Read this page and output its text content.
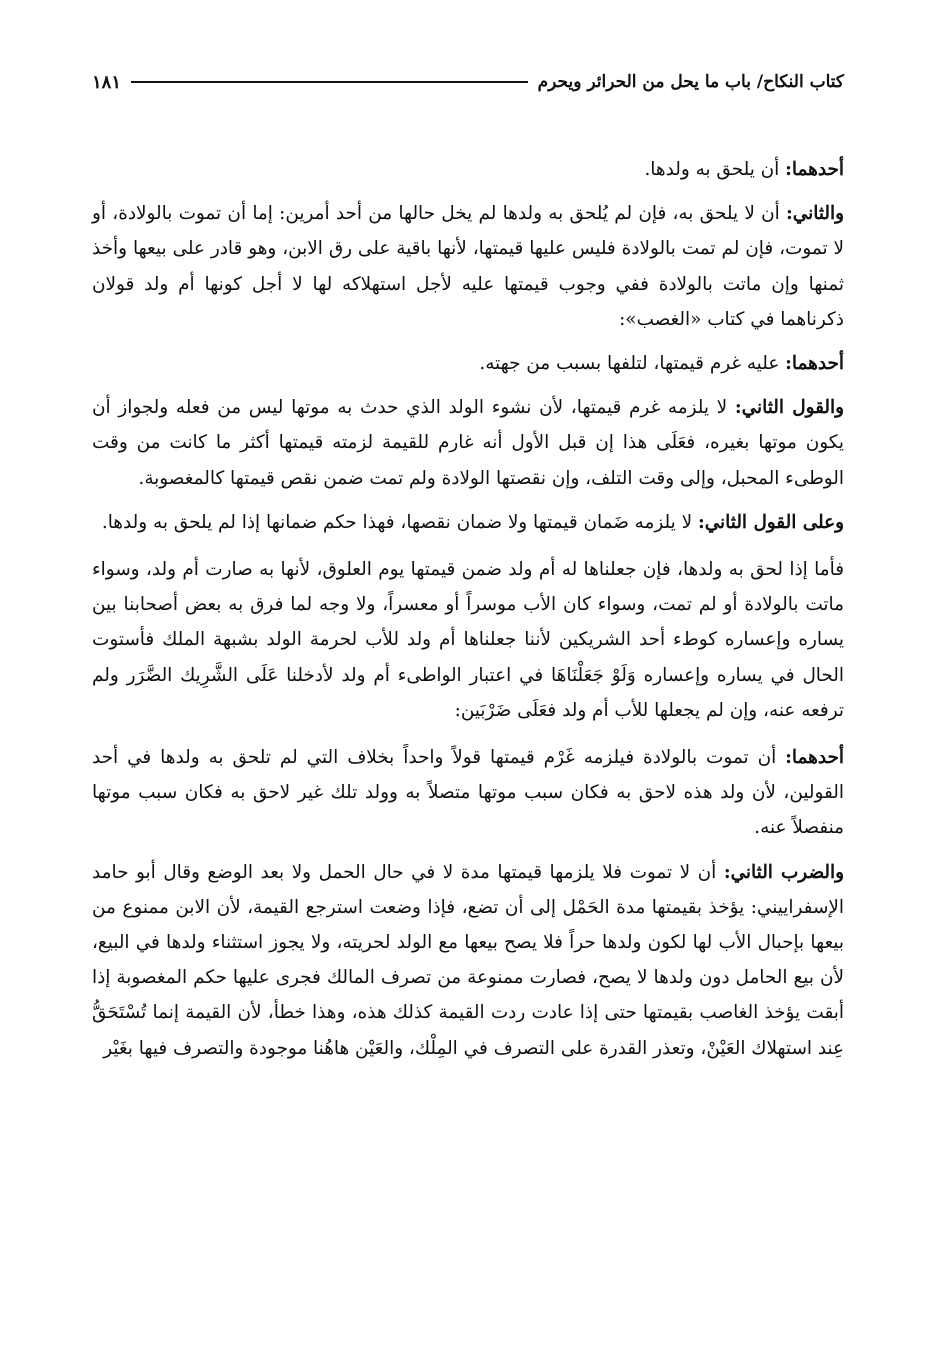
كتاب النكاح/ باب ما يحل من الحرائر ويحرم
١٨١

أحدهما: أن يلحق به ولدها.

والثاني: أن لا يلحق به، فإن لم يُلحق به ولدها لم يخل حالها من أحد أمرين: إما أن تموت بالولادة، أو لا تموت، فإن لم تمت بالولادة فليس عليها قيمتها، لأنها باقية على رق الابن، وهو قادر على بيعها وأخذ ثمنها وإن ماتت بالولادة ففي وجوب قيمتها عليه لأجل استهلاكه لها لا أجل كونها أم ولد قولان ذكرناهما في كتاب «الغصب»:

أحدهما: عليه غرم قيمتها، لتلفها بسبب من جهته.

والقول الثاني: لا يلزمه غرم قيمتها، لأن نشوء الولد الذي حدث به موتها ليس من فعله ولجواز أن يكون موتها بغيره، فعَلَى هذا إن قبل الأول أنه غارم للقيمة لزمته قيمتها أكثر ما كانت من وقت الوطىء المحبل، وإلى وقت التلف، وإن نقصتها الولادة ولم تمت ضمن نقص قيمتها كالمغصوبة.

وعلى القول الثاني: لا يلزمه ضَمان قيمتها ولا ضمان نقصها، فهذا حكم ضمانها إذا لم يلحق به ولدها.

فأما إذا لحق به ولدها، فإن جعلناها له أم ولد ضمن قيمتها يوم العلوق، لأنها به صارت أم ولد، وسواء ماتت بالولادة أو لم تمت، وسواء كان الأب موسراً أو معسراً، ولا وجه لما فرق به بعض أصحابنا بين يساره وإعساره كوطء أحد الشريكين لأننا جعلناها أم ولد للأب لحرمة الولد بشبهة الملك فأستوت الحال في يساره وإعساره وَلَوْ جَعَلْنَاهَا في اعتبار الواطىء أم ولد لأدخلنا عَلَى الشَّرِيك الضَّرَر ولم ترفعه عنه، وإن لم يجعلها للأب أم ولد فعَلَى ضَرْبَين:

أحدهما: أن تموت بالولادة فيلزمه غَرْم قيمتها قولاً واحداً بخلاف التي لم تلحق به ولدها في أحد القولين، لأن ولد هذه لاحق به فكان سبب موتها متصلاً به وولد تلك غير لاحق به فكان سبب موتها منفصلاً عنه.

والضرب الثاني: أن لا تموت فلا يلزمها قيمتها مدة لا في حال الحمل ولا بعد الوضع وقال أبو حامد الإسفراييني: يؤخذ بقيمتها مدة الحَمْل إلى أن تضع، فإذا وضعت استرجع القيمة، لأن الابن ممنوع من بيعها بإحبال الأب لها لكون ولدها حراً فلا يصح بيعها مع الولد لحريته، ولا يجوز استثناء ولدها في البيع، لأن بيع الحامل دون ولدها لا يصح، فصارت ممنوعة من تصرف المالك فجرى عليها حكم المغصوبة إذا أبقت يؤخذ الغاصب بقيمتها حتى إذا عادت ردت القيمة كذلك هذه، وهذا خطأ، لأن القيمة إنما تُسْتَحَقُّ عِند استهلاك العَيْنْ، وتعذر القدرة على التصرف في المِلْك، والعَيْن هاهُنا موجودة والتصرف فيها بغَيْر
